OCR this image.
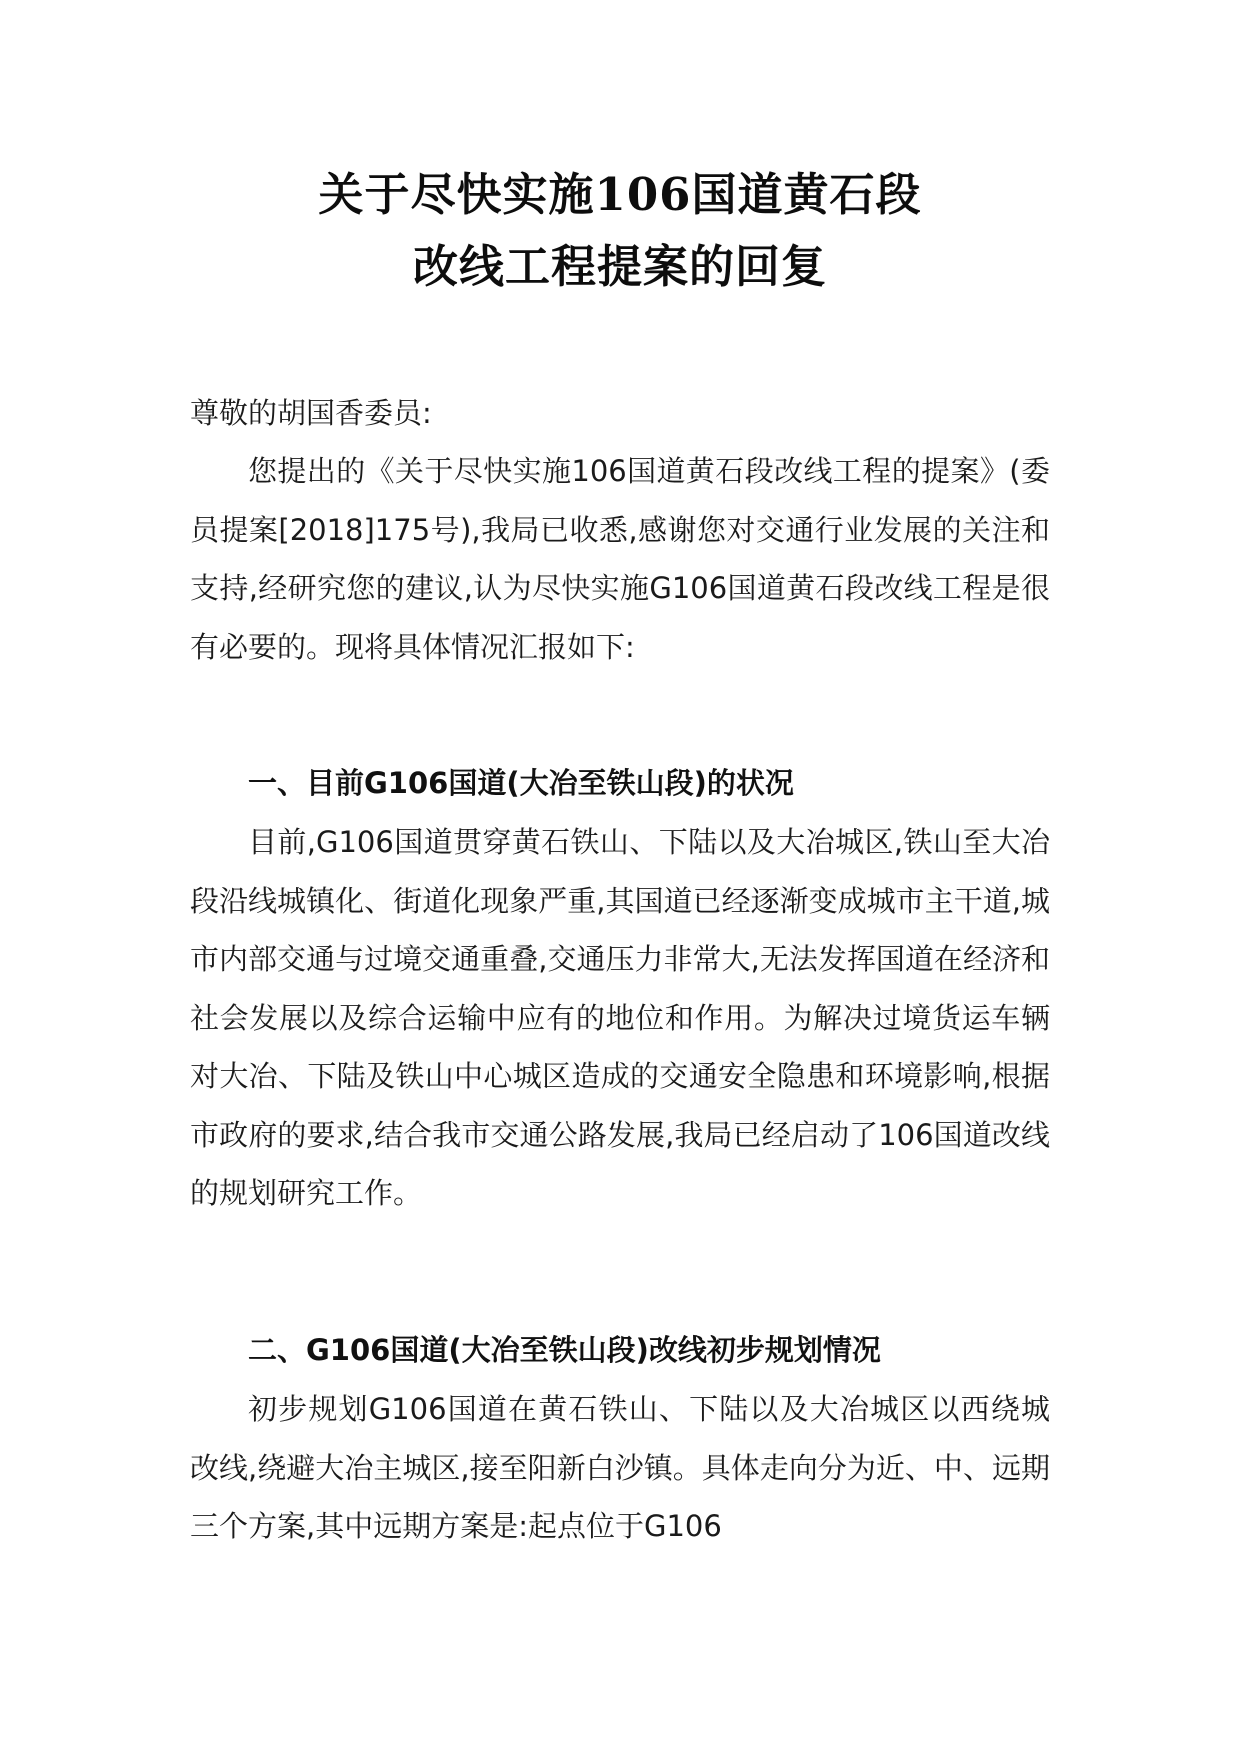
关于尽快实施106国道黄石段
改线工程提案的回复
尊敬的胡国香委员:
您提出的《关于尽快实施106国道黄石段改线工程的提案》(委员提案[2018]175号),我局已收悉,感谢您对交通行业发展的关注和支持,经研究您的建议,认为尽快实施G106国道黄石段改线工程是很有必要的。现将具体情况汇报如下:
一、目前G106国道(大冶至铁山段)的状况
目前,G106国道贯穿黄石铁山、下陆以及大冶城区,铁山至大冶段沿线城镇化、街道化现象严重,其国道已经逐渐变成城市主干道,城市内部交通与过境交通重叠,交通压力非常大,无法发挥国道在经济和社会发展以及综合运输中应有的地位和作用。为解决过境货运车辆对大冶、下陆及铁山中心城区造成的交通安全隐患和环境影响,根据市政府的要求,结合我市交通公路发展,我局已经启动了106国道改线的规划研究工作。
二、G106国道(大冶至铁山段)改线初步规划情况
初步规划G106国道在黄石铁山、下陆以及大冶城区以西绕城改线,绕避大冶主城区,接至阳新白沙镇。具体走向分为近、中、远期三个方案,其中远期方案是:起点位于G106
